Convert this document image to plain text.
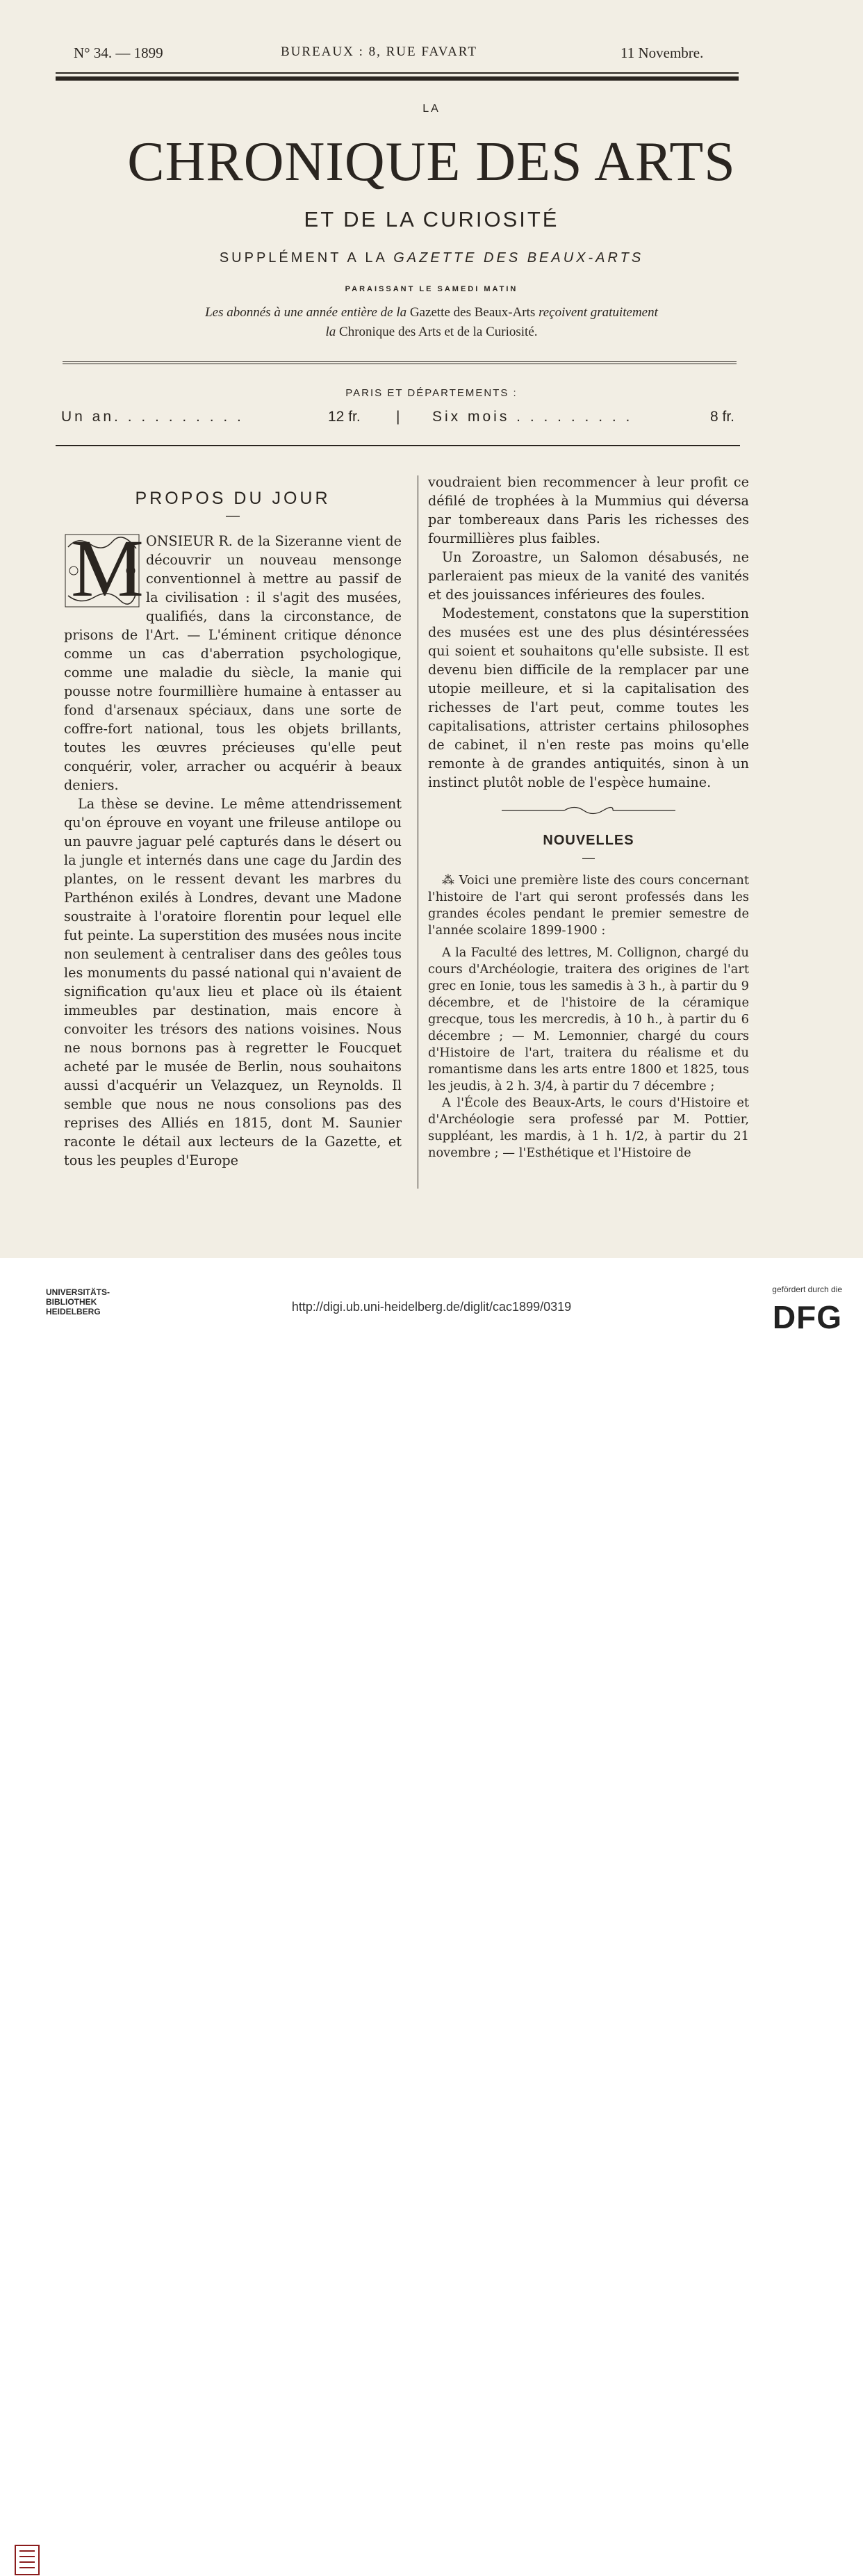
N° 34. — 1899	BUREAUX : 8, RUE FAVART	11 Novembre.
LA
CHRONIQUE DES ARTS
ET DE LA CURIOSITÉ
SUPPLÉMENT A LA GAZETTE DES BEAUX-ARTS
PARAISSANT LE SAMEDI MATIN
Les abonnés à une année entière de la Gazette des Beaux-Arts reçoivent gratuitement
la Chronique des Arts et de la Curiosité.
PARIS ET DÉPARTEMENTS :
Un an. . . . . . . . . .	12 fr. | Six mois . . . . . . . . .	8 fr.
PROPOS DU JOUR
—

M ONSIEUR R. de la Sizeranne vient de découvrir un nouveau mensonge conventionnel à mettre au passif de la civilisation : il s'agit des musées, qualifiés, dans la circonstance, de prisons de l'Art. — L'éminent critique dénonce comme un cas d'aberration psychologique, comme une maladie du siècle, la manie qui pousse notre fourmillière humaine à entasser au fond d'arsenaux spéciaux, dans une sorte de coffre-fort national, tous les objets brillants, toutes les œuvres précieuses qu'elle peut conquérir, voler, arracher ou acquérir à beaux deniers.

La thèse se devine. Le même attendrissement qu'on éprouve en voyant une frileuse antilope ou un pauvre jaguar pelé capturés dans le désert ou la jungle et internés dans une cage du Jardin des plantes, on le ressent devant les marbres du Parthénon exilés à Londres, devant une Madone soustraite à l'oratoire florentin pour lequel elle fut peinte. La superstition des musées nous incite non seulement à centraliser dans des geôles tous les monuments du passé national qui n'avaient de signification qu'aux lieu et place où ils étaient immeubles par destination, mais encore à convoiter les trésors des nations voisines. Nous ne nous bornons pas à regretter le Foucquet acheté par le musée de Berlin, nous souhaitons aussi d'acquérir un Velazquez, un Reynolds. Il semble que nous ne nous consolions pas des reprises des Alliés en 1815, dont M. Saunier raconte le détail aux lecteurs de la Gazette, et tous les peuples d'Europe

voudraient bien recommencer à leur profit ce défilé de trophées à la Mummius qui déversa par tombereaux dans Paris les richesses des fourmillières plus faibles.

Un Zoroastre, un Salomon désabusés, ne parleraient pas mieux de la vanité des vanités et des jouissances inférieures des foules.

Modestement, constatons que la superstition des musées est une des plus désintéressées qui soient et souhaitons qu'elle subsiste. Il est devenu bien difficile de la remplacer par une utopie meilleure, et si la capitalisation des richesses de l'art peut, comme toutes les capitalisations, attrister certains philosophes de cabinet, il n'en reste pas moins qu'elle remonte à de grandes antiquités, sinon à un instinct plutôt noble de l'espèce humaine.

NOUVELLES
—

⁂ Voici une première liste des cours concernant l'histoire de l'art qui seront professés dans les grandes écoles pendant le premier semestre de l'année scolaire 1899-1900 :

A la Faculté des lettres, M. Collignon, chargé du cours d'Archéologie, traitera des origines de l'art grec en Ionie, tous les samedis à 3 h., à partir du 9 décembre, et de l'histoire de la céramique grecque, tous les mercredis, à 10 h., à partir du 6 décembre ; — M. Lemonnier, chargé du cours d'Histoire de l'art, traitera du réalisme et du romantisme dans les arts entre 1800 et 1825, tous les jeudis, à 2 h. 3/4, à partir du 7 décembre ;

A l'École des Beaux-Arts, le cours d'Histoire et d'Archéologie sera professé par M. Pottier, suppléant, les mardis, à 1 h. 1/2, à partir du 21 novembre ; — l'Esthétique et l'Histoire de

UNIVERSITÄTS-
BIBLIOTHEK
HEIDELBERG	http://digi.ub.uni-heidelberg.de/diglit/cac1899/0319
gefördert durch die
DFG
